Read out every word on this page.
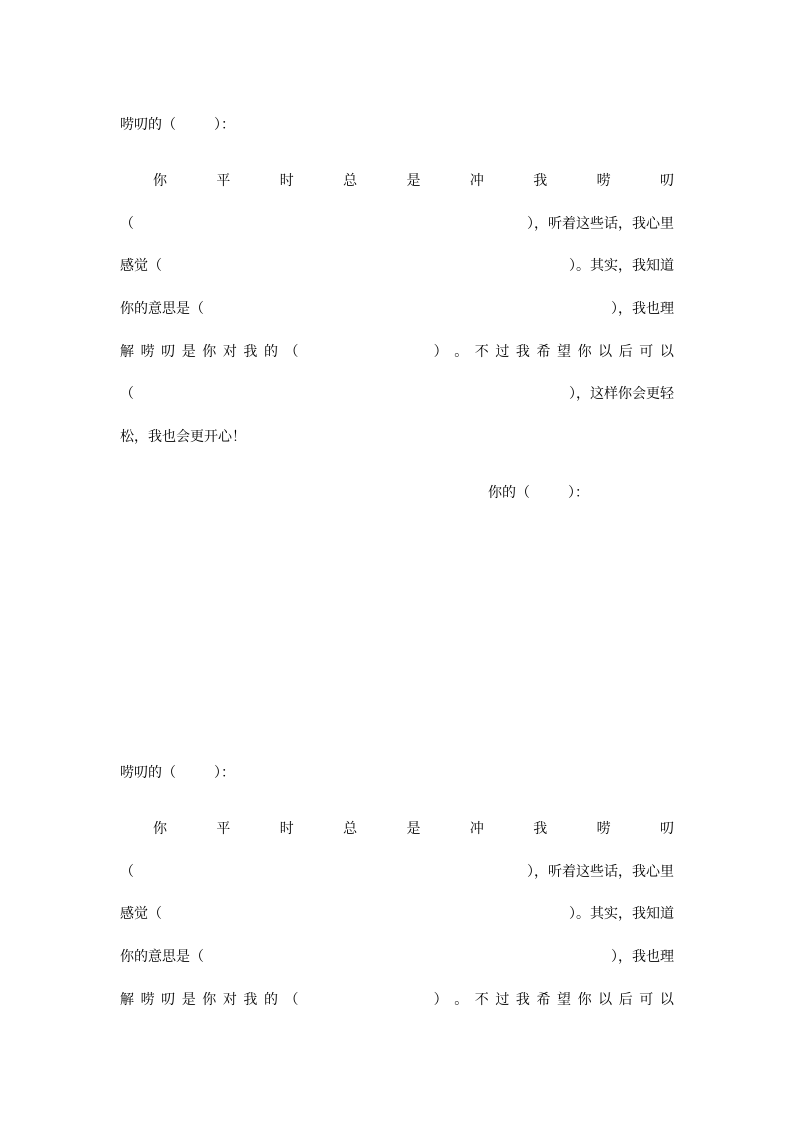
唠叨的（	）：
你	平	时	总	是	冲	我	唠	叨
（	），听着这些话，我心里
感觉（	）。其实，我知道
你的意思是（	），我也理
解 唠 叨 是 你 对 我 的 （	） 。 不 过 我 希 望 你 以 后 可 以
（	），这样你会更轻
松，我也会更开心！
你的（	）：
唠叨的（	）：
你	平	时	总	是	冲	我	唠	叨
（	），听着这些话，我心里
感觉（	）。其实，我知道
你的意思是（	），我也理
解 唠 叨 是 你 对 我 的 （	） 。 不 过 我 希 望 你 以 后 可 以
